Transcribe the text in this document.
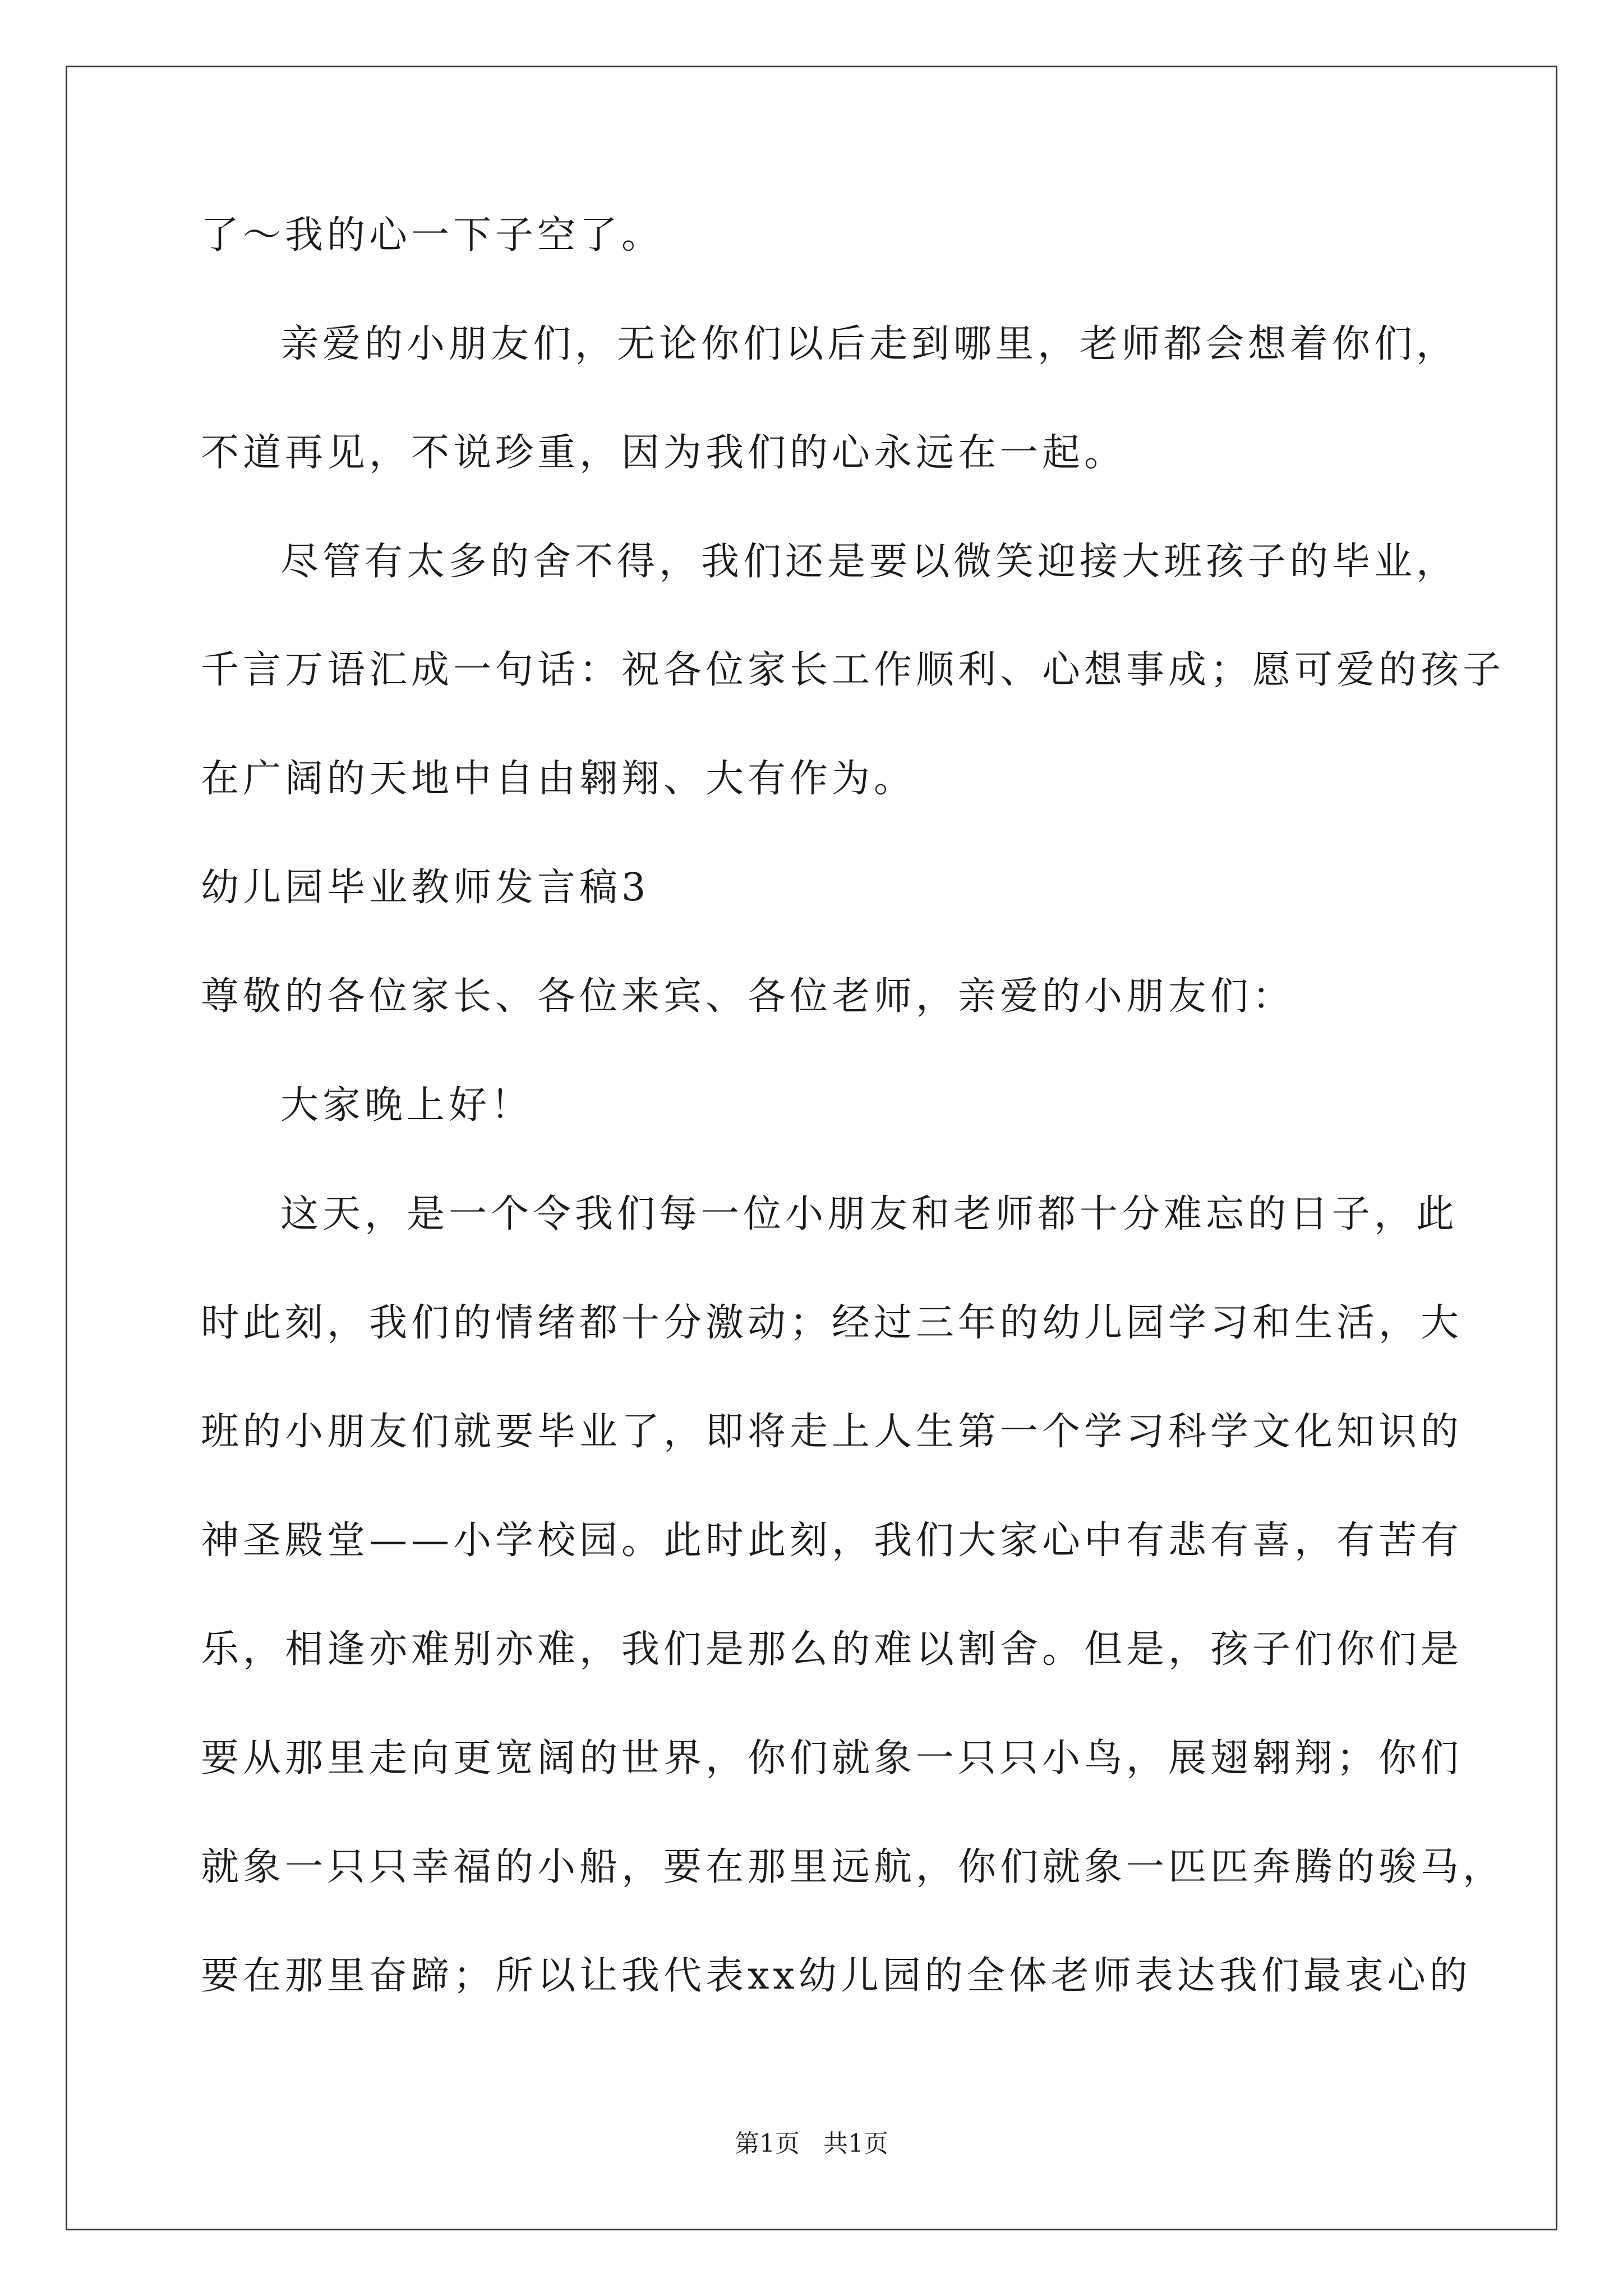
了～我的心一下子空了。
亲爱的小朋友们，无论你们以后走到哪里，老师都会想着你们，
不道再见，不说珍重，因为我们的心永远在一起。
尽管有太多的舍不得，我们还是要以微笑迎接大班孩子的毕业，
千言万语汇成一句话：祝各位家长工作顺利、心想事成；愿可爱的孩子
在广阔的天地中自由翱翔、大有作为。
幼儿园毕业教师发言稿3
尊敬的各位家长、各位来宾、各位老师，亲爱的小朋友们：
大家晚上好！
这天，是一个令我们每一位小朋友和老师都十分难忘的日子，此
时此刻，我们的情绪都十分激动；经过三年的幼儿园学习和生活，大
班的小朋友们就要毕业了，即将走上人生第一个学习科学文化知识的
神圣殿堂——小学校园。此时此刻，我们大家心中有悲有喜，有苦有
乐，相逢亦难别亦难，我们是那么的难以割舍。但是，孩子们你们是
要从那里走向更宽阔的世界，你们就象一只只小鸟，展翅翱翔；你们
就象一只只幸福的小船，要在那里远航，你们就象一匹匹奔腾的骏马，
要在那里奋蹄；所以让我代表xx幼儿园的全体老师表达我们最衷心的
第1页   共1页
